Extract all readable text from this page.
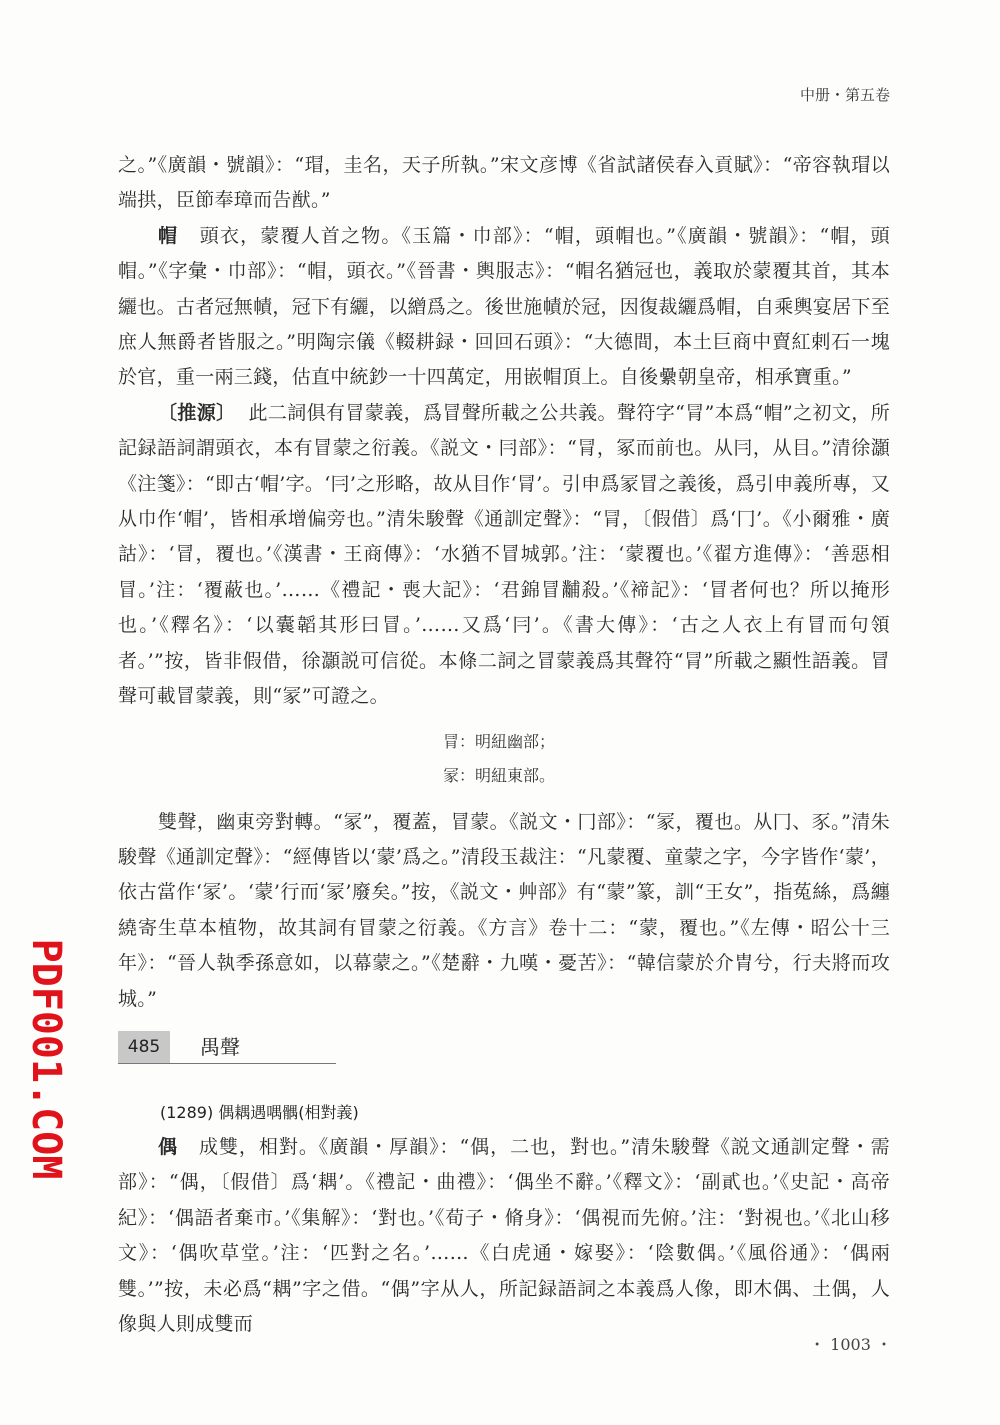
中册・第五卷

之。”《廣韻・號韻》：“瑁，圭名，天子所執。”宋文彦博《省試諸侯春入貢賦》：“帝容執瑁以端拱，臣節奉璋而告猷。”

帽 頭衣，蒙覆人首之物。《玉篇・巾部》：“帽，頭帽也。”《廣韻・號韻》：“帽，頭帽。”《字彙・巾部》：“帽，頭衣。”《晉書・輿服志》：“帽名猶冠也，義取於蒙覆其首，其本纚也。古者冠無幘，冠下有纚，以繒爲之。後世施幘於冠，因復裁纚爲帽，自乘輿宴居下至庶人無爵者皆服之。”明陶宗儀《輟耕録・回回石頭》：“大德間，本土巨商中賣紅剌石一塊於官，重一兩三錢，估直中統鈔一十四萬定，用嵌帽頂上。自後纍朝皇帝，相承寶重。”

〔推源〕 此二詞俱有冒蒙義，爲冒聲所載之公共義。聲符字“冐”本爲“帽”之初文，所記録語詞謂頭衣，本有冒蒙之衍義。《説文・冃部》：“冐，冢而前也。从冃，从目。”清徐灝《注箋》：“即古‘帽’字。‘冃’之形略，故从目作‘冐’。引申爲冡冒之義後，爲引申義所專，又从巾作‘帽’，皆相承增偏旁也。”清朱駿聲《通訓定聲》：“冐，〔假借〕爲‘冂’。《小爾雅・廣詁》：‘冒，覆也。’《漢書・王商傳》：‘水猶不冒城郭。’注：‘蒙覆也。’《翟方進傳》：‘善惡相冒。’注：‘覆蔽也。’……《禮記・喪大記》：‘君錦冒黼殺。’《褅記》：‘冒者何也？所以掩形也。’《釋名》：‘以囊韜其形曰冒。’……又爲‘冃’。《書大傳》：‘古之人衣上有冒而句領者。’”按，皆非假借，徐灝説可信從。本條二詞之冒蒙義爲其聲符“冐”所載之顯性語義。冒聲可載冒蒙義，則“冡”可證之。

冐：明紐幽部；
冡：明紐東部。

雙聲，幽東旁對轉。“冡”，覆蓋，冒蒙。《説文・冂部》：“冡，覆也。从冂、豕。”清朱駿聲《通訓定聲》：“經傳皆以‘蒙’爲之。”清段玉裁注：“凡蒙覆、童蒙之字，今字皆作‘蒙’，依古當作‘冡’。‘蒙’行而‘冡’廢矣。”按，《説文・艸部》有“蒙”篆，訓“王女”，指菟絲，爲纏繞寄生草本植物，故其詞有冒蒙之衍義。《方言》卷十二：“蒙，覆也。”《左傳・昭公十三年》：“晉人執季孫意如，以幕蒙之。”《楚辭・九嘆・憂苦》：“韓信蒙於介胄兮，行夫將而攻城。”

485	禺聲
(1289) 偶耦遇喁髃(相對義)

偶 成雙，相對。《廣韻・厚韻》：“偶，二也，對也。”清朱駿聲《説文通訓定聲・需部》：“偶，〔假借〕爲‘耦’。《禮記・曲禮》：‘偶坐不辭。’《釋文》：‘副貳也。’《史記・高帝紀》：‘偶語者棄市。’《集解》：‘對也。’《荀子・脩身》：‘偶視而先俯。’注：‘對視也。’《北山移文》：‘偶吹草堂。’注：‘匹對之名。’……《白虎通・嫁娶》：‘陰數偶。’《風俗通》：‘偶兩雙。’”按，未必爲“耦”字之借。“偶”字从人，所記録語詞之本義爲人像，即木偶、土偶，人像與人則成雙而

・ 1003 ・
PDF001.COM
